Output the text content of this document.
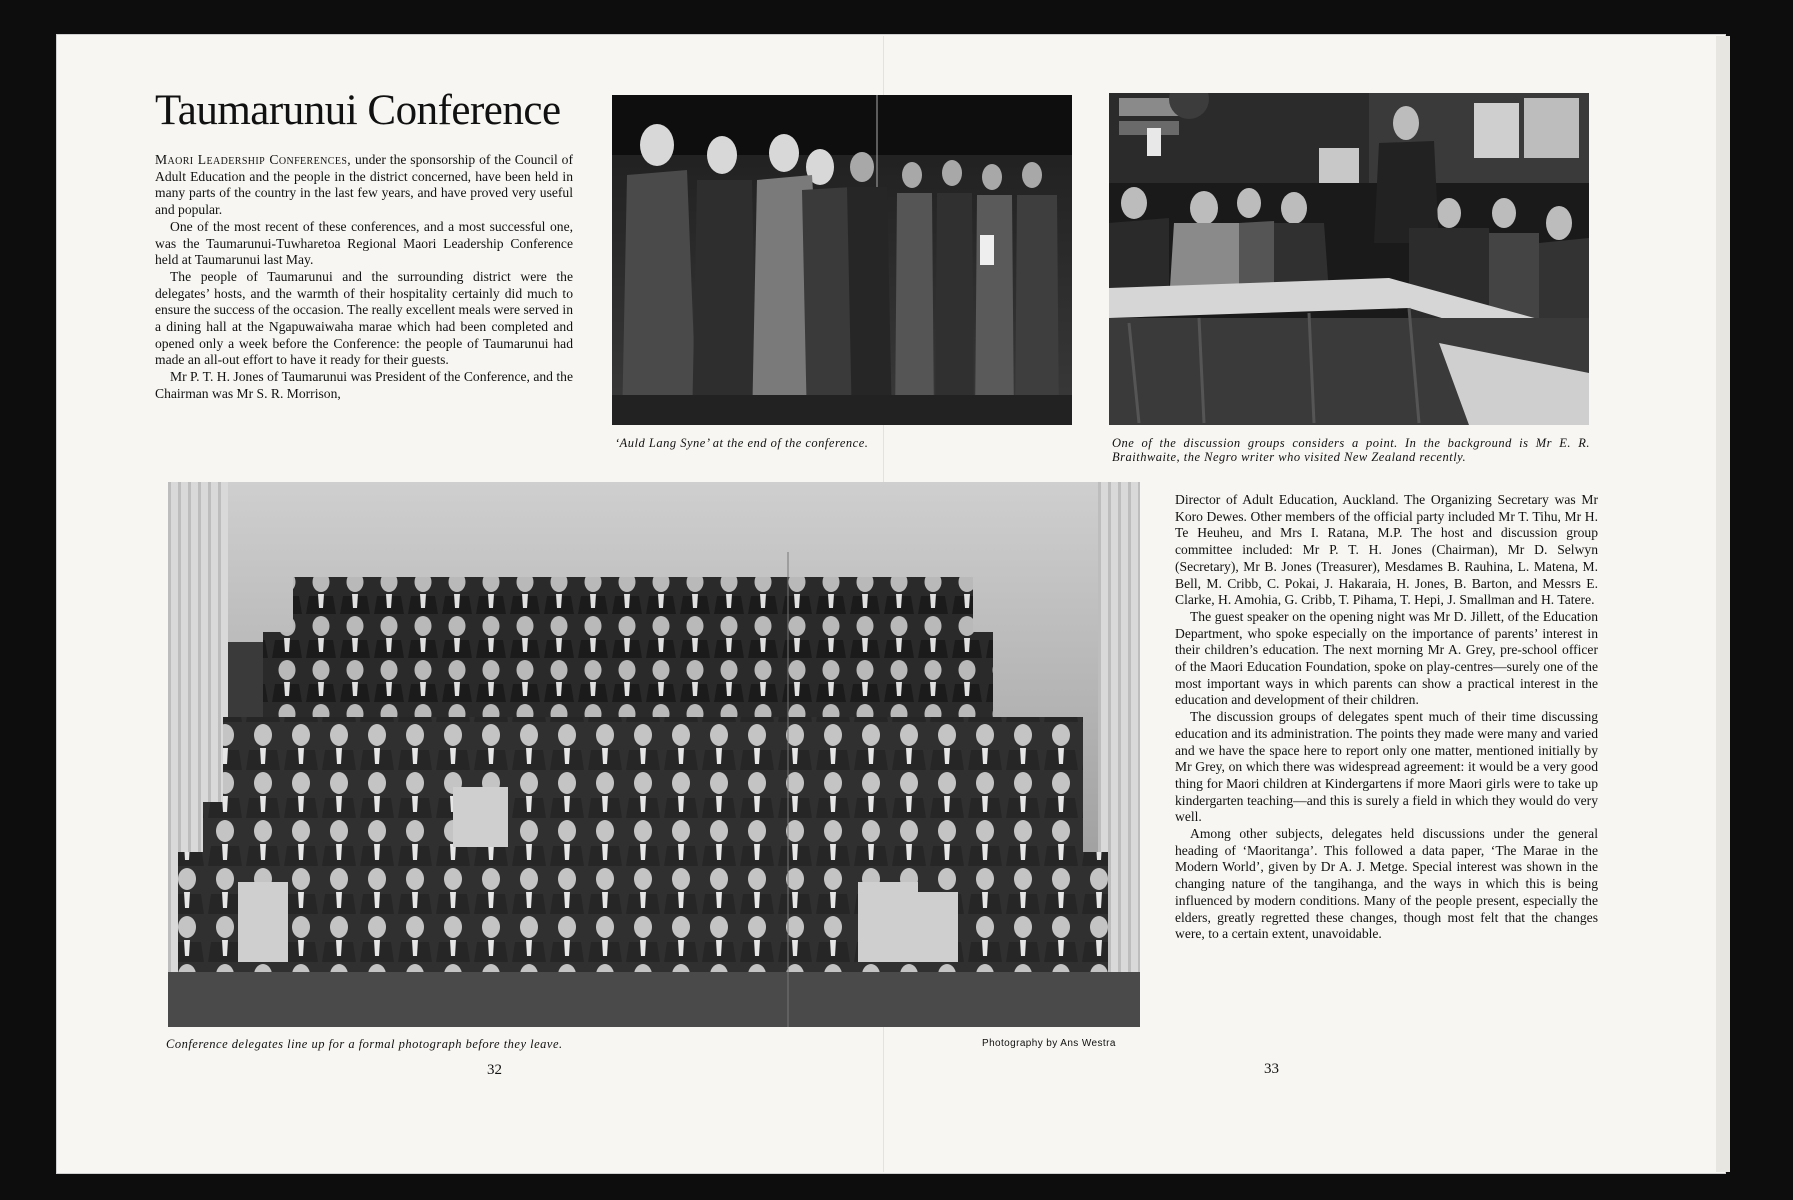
Taumarunui Conference

Maori Leadership Conferences, under the sponsorship of the Council of Adult Education and the people in the district concerned, have been held in many parts of the country in the last few years, and have proved very useful and popular.

One of the most recent of these conferences, and a most successful one, was the Taumarunui-Tuwharetoa Regional Maori Leadership Conference held at Taumarunui last May.

The people of Taumarunui and the surrounding district were the delegates’ hosts, and the warmth of their hospitality certainly did much to ensure the success of the occasion. The really excellent meals were served in a dining hall at the Ngapuwaiwaha marae which had been completed and opened only a week before the Conference: the people of Taumarunui had made an all-out effort to have it ready for their guests.

Mr P. T. H. Jones of Taumarunui was President of the Conference, and the Chairman was Mr S. R. Morrison,

‘Auld Lang Syne’ at the end of the conference.	One of the discussion groups considers a point. In the background is Mr E. R. Braithwaite, the Negro writer who visited New Zealand recently.
Conference delegates line up for a formal photograph before they leave.	Photography by Ans Westra

Director of Adult Education, Auckland. The Organizing Secretary was Mr Koro Dewes. Other members of the official party included Mr T. Tihu, Mr H. Te Heuheu, and Mrs I. Ratana, M.P. The host and discussion group committee included: Mr P. T. H. Jones (Chairman), Mr D. Selwyn (Secretary), Mr B. Jones (Treasurer), Mesdames B. Rauhina, L. Matena, M. Bell, M. Cribb, C. Pokai, J. Hakaraia, H. Jones, B. Barton, and Messrs E. Clarke, H. Amohia, G. Cribb, T. Pihama, T. Hepi, J. Smallman and H. Tatere.

The guest speaker on the opening night was Mr D. Jillett, of the Education Department, who spoke especially on the importance of parents’ interest in their children’s education. The next morning Mr A. Grey, pre-school officer of the Maori Education Foundation, spoke on play-centres—surely one of the most important ways in which parents can show a practical interest in the education and development of their children.

The discussion groups of delegates spent much of their time discussing education and its administration. The points they made were many and varied and we have the space here to report only one matter, mentioned initially by Mr Grey, on which there was widespread agreement: it would be a very good thing for Maori children at Kindergartens if more Maori girls were to take up kindergarten teaching—and this is surely a field in which they would do very well.

Among other subjects, delegates held discussions under the general heading of ‘Maoritanga’. This followed a data paper, ‘The Marae in the Modern World’, given by Dr A. J. Metge. Special interest was shown in the changing nature of the tangihanga, and the ways in which this is being influenced by modern conditions. Many of the people present, especially the elders, greatly regretted these changes, though most felt that the changes were, to a certain extent, unavoidable.

32	33
